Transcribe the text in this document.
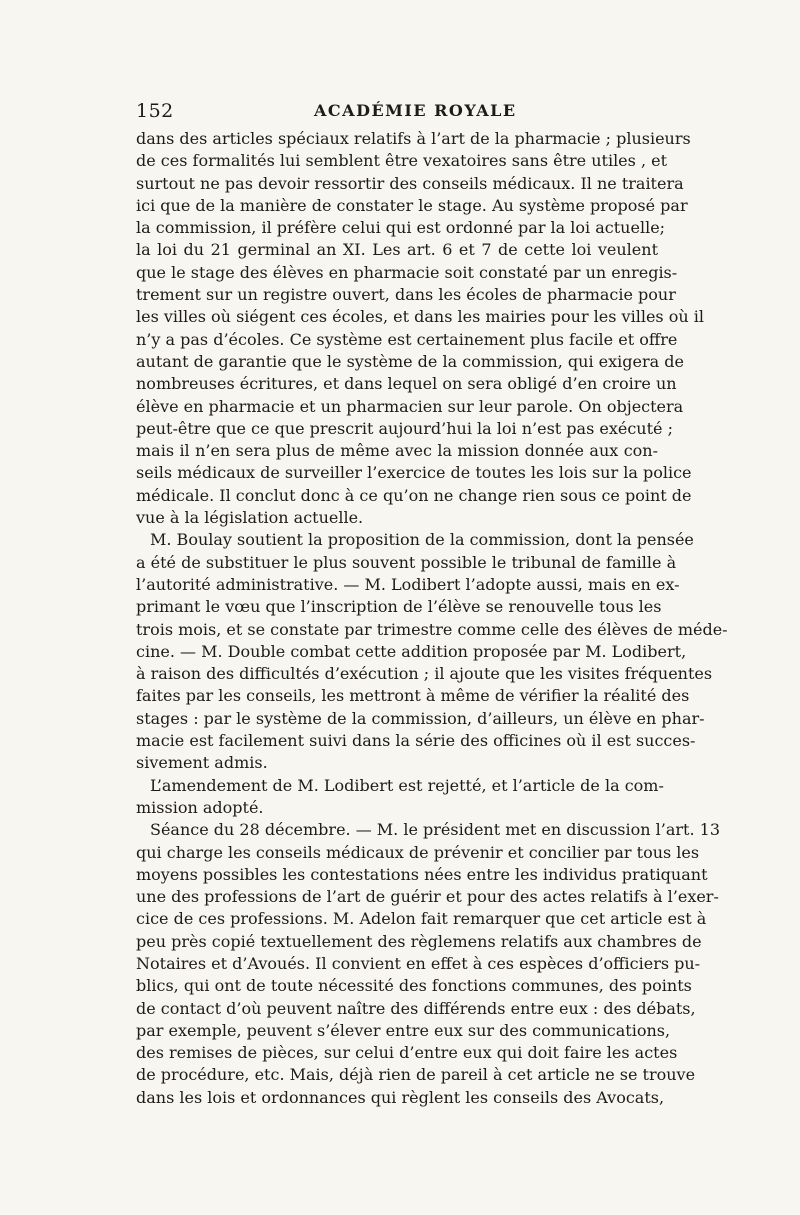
152	ACADÉMIE ROYALE
dans des articles spéciaux relatifs à l’art de la pharmacie ; plusieurs
de ces formalités lui semblent être vexatoires sans être utiles , et
surtout ne pas devoir ressortir des conseils médicaux. Il ne traitera
ici que de la manière de constater le stage. Au système proposé par
la commission, il préfère celui qui est ordonné par la loi actuelle;
la loi du 21 germinal an XI. Les art. 6 et 7 de cette loi veulent
que le stage des élèves en pharmacie soit constaté par un enregis-
trement sur un registre ouvert, dans les écoles de pharmacie pour
les villes où siégent ces écoles, et dans les mairies pour les villes où il
n’y a pas d’écoles. Ce système est certainement plus facile et offre
autant de garantie que le système de la commission, qui exigera de
nombreuses écritures, et dans lequel on sera obligé d’en croire un
élève en pharmacie et un pharmacien sur leur parole. On objectera
peut-être que ce que prescrit aujourd’hui la loi n’est pas exécuté ;
mais il n’en sera plus de même avec la mission donnée aux con-
seils médicaux de surveiller l’exercice de toutes les lois sur la police
médicale. Il conclut donc à ce qu’on ne change rien sous ce point de
vue à la législation actuelle.
M. Boulay soutient la proposition de la commission, dont la pensée
a été de substituer le plus souvent possible le tribunal de famille à
l’autorité administrative. — M. Lodibert l’adopte aussi, mais en ex-
primant le vœu que l’inscription de l’élève se renouvelle tous les
trois mois, et se constate par trimestre comme celle des élèves de méde-
cine. — M. Double combat cette addition proposée par M. Lodibert,
à raison des difficultés d’exécution ; il ajoute que les visites fréquentes
faites par les conseils, les mettront à même de vérifier la réalité des
stages : par le système de la commission, d’ailleurs, un élève en phar-
macie est facilement suivi dans la série des officines où il est succes-
sivement admis.
L’amendement de M. Lodibert est rejetté, et l’article de la com-
mission adopté.
Séance du 28 décembre. — M. le président met en discussion l’art. 13
qui charge les conseils médicaux de prévenir et concilier par tous les
moyens possibles les contestations nées entre les individus pratiquant
une des professions de l’art de guérir et pour des actes relatifs à l’exer-
cice de ces professions. M. Adelon fait remarquer que cet article est à
peu près copié textuellement des règlemens relatifs aux chambres de
Notaires et d’Avoués. Il convient en effet à ces espèces d’officiers pu-
blics, qui ont de toute nécessité des fonctions communes, des points
de contact d’où peuvent naître des différends entre eux : des débats,
par exemple, peuvent s’élever entre eux sur des communications,
des remises de pièces, sur celui d’entre eux qui doit faire les actes
de procédure, etc. Mais, déjà rien de pareil à cet article ne se trouve
dans les lois et ordonnances qui règlent les conseils des Avocats,
